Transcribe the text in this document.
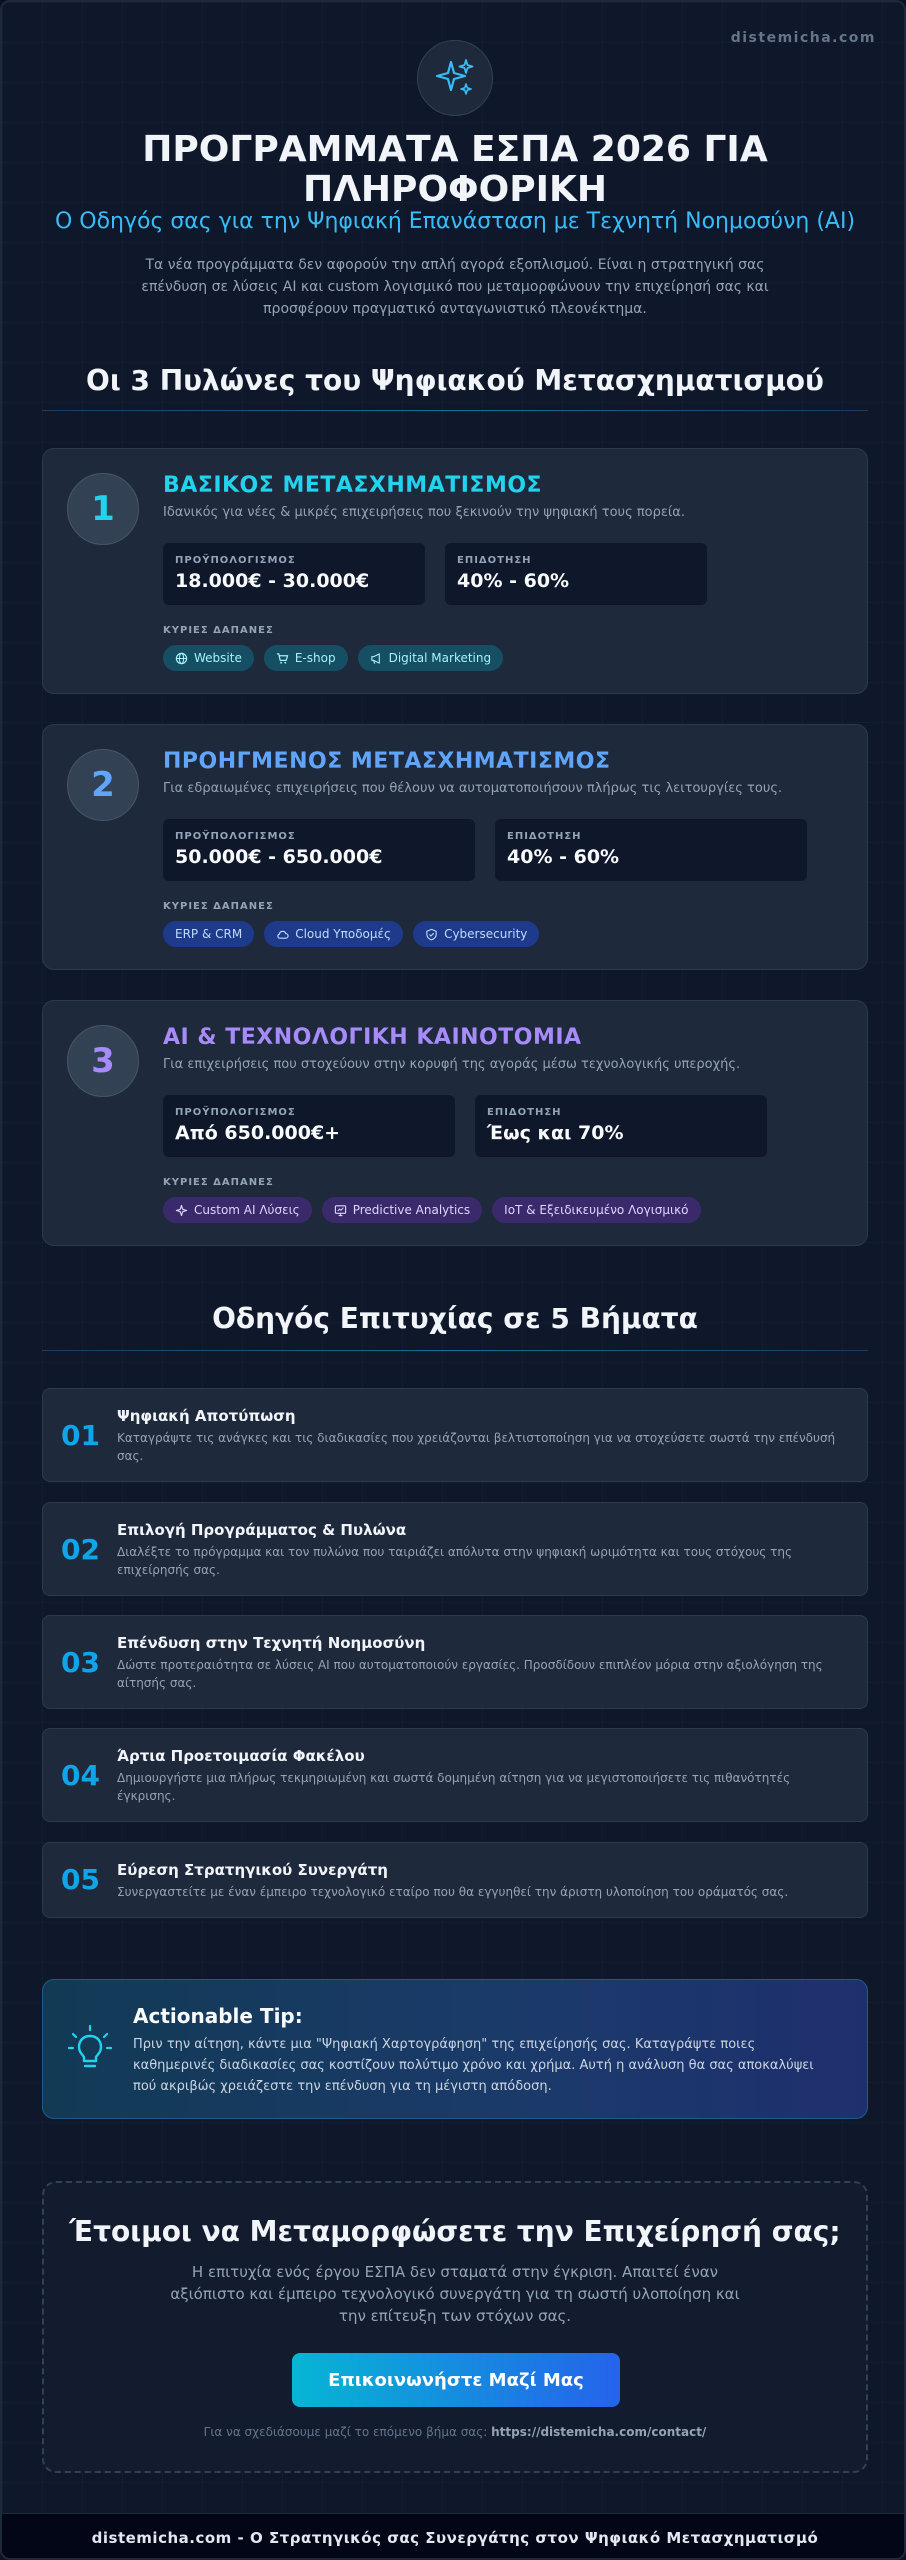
distemicha.com
ΠΡΟΓΡΑΜΜΑΤΑ ΕΣΠΑ 2026 ΓΙΑ ΠΛΗΡΟΦΟΡΙΚΗ
Ο Οδηγός σας για την Ψηφιακή Επανάσταση με Τεχνητή Νοημοσύνη (AI)

Τα νέα προγράμματα δεν αφορούν την απλή αγορά εξοπλισμού. Είναι η στρατηγική σας επένδυση σε λύσεις AI και custom λογισμικό που μεταμορφώνουν την επιχείρησή σας και προσφέρουν πραγματικό ανταγωνιστικό πλεονέκτημα.

Οι 3 Πυλώνες του Ψηφιακού Μετασχηματισμού
1
ΒΑΣΙΚΟΣ ΜΕΤΑΣΧΗΜΑΤΙΣΜΟΣ
Ιδανικός για νέες & μικρές επιχειρήσεις που ξεκινούν την ψηφιακή τους πορεία.
ΠΡΟΫΠΟΛΟΓΙΣΜΟΣ
18.000€ - 30.000€
ΕΠΙΔΟΤΗΣΗ
40% - 60%
ΚΥΡΙΕΣ ΔΑΠΑΝΕΣ
Website	E-shop	Digital Marketing
2
ΠΡΟΗΓΜΕΝΟΣ ΜΕΤΑΣΧΗΜΑΤΙΣΜΟΣ
Για εδραιωμένες επιχειρήσεις που θέλουν να αυτοματοποιήσουν πλήρως τις λειτουργίες τους.
ΠΡΟΫΠΟΛΟΓΙΣΜΟΣ
50.000€ - 650.000€
ΕΠΙΔΟΤΗΣΗ
40% - 60%
ΚΥΡΙΕΣ ΔΑΠΑΝΕΣ
ERP & CRM	Cloud Υποδομές	Cybersecurity
3
AI & ΤΕΧΝΟΛΟΓΙΚΗ ΚΑΙΝΟΤΟΜΙΑ
Για επιχειρήσεις που στοχεύουν στην κορυφή της αγοράς μέσω τεχνολογικής υπεροχής.
ΠΡΟΫΠΟΛΟΓΙΣΜΟΣ
Από 650.000€+
ΕΠΙΔΟΤΗΣΗ
Έως και 70%
ΚΥΡΙΕΣ ΔΑΠΑΝΕΣ
Custom AI Λύσεις	Predictive Analytics	IoT & Εξειδικευμένο Λογισμικό
Οδηγός Επιτυχίας σε 5 Βήματα
01
Ψηφιακή Αποτύπωση
Καταγράψτε τις ανάγκες και τις διαδικασίες που χρειάζονται βελτιστοποίηση για να στοχεύσετε σωστά την επένδυσή σας.
02
Επιλογή Προγράμματος & Πυλώνα
Διαλέξτε το πρόγραμμα και τον πυλώνα που ταιριάζει απόλυτα στην ψηφιακή ωριμότητα και τους στόχους της επιχείρησής σας.
03
Επένδυση στην Τεχνητή Νοημοσύνη
Δώστε προτεραιότητα σε λύσεις AI που αυτοματοποιούν εργασίες. Προσδίδουν επιπλέον μόρια στην αξιολόγηση της αίτησής σας.
04
Άρτια Προετοιμασία Φακέλου
Δημιουργήστε μια πλήρως τεκμηριωμένη και σωστά δομημένη αίτηση για να μεγιστοποιήσετε τις πιθανότητές έγκρισης.
05 Εύρεση Στρατηγικού Συνεργάτη
Συνεργαστείτε με έναν έμπειρο τεχνολογικό εταίρο που θα εγγυηθεί την άριστη υλοποίηση του οράματός σας.
Actionable Tip:

Πριν την αίτηση, κάντε μια "Ψηφιακή Χαρτογράφηση" της επιχείρησής σας. Καταγράψτε ποιες καθημερινές διαδικασίες σας κοστίζουν πολύτιμο χρόνο και χρήμα. Αυτή η ανάλυση θα σας αποκαλύψει πού ακριβώς χρειάζεστε την επένδυση για τη μέγιστη απόδοση.

Έτοιμοι να Μεταμορφώσετε την Επιχείρησή σας;

Η επιτυχία ενός έργου ΕΣΠΑ δεν σταματά στην έγκριση. Απαιτεί έναν αξιόπιστο και έμπειρο τεχνολογικό συνεργάτη για τη σωστή υλοποίηση και την επίτευξη των στόχων σας.

Επικοινωνήστε Μαζί Μας
Για να σχεδιάσουμε μαζί το επόμενο βήμα σας: https://distemicha.com/contact/
distemicha.com - Ο Στρατηγικός σας Συνεργάτης στον Ψηφιακό Μετασχηματισμό
